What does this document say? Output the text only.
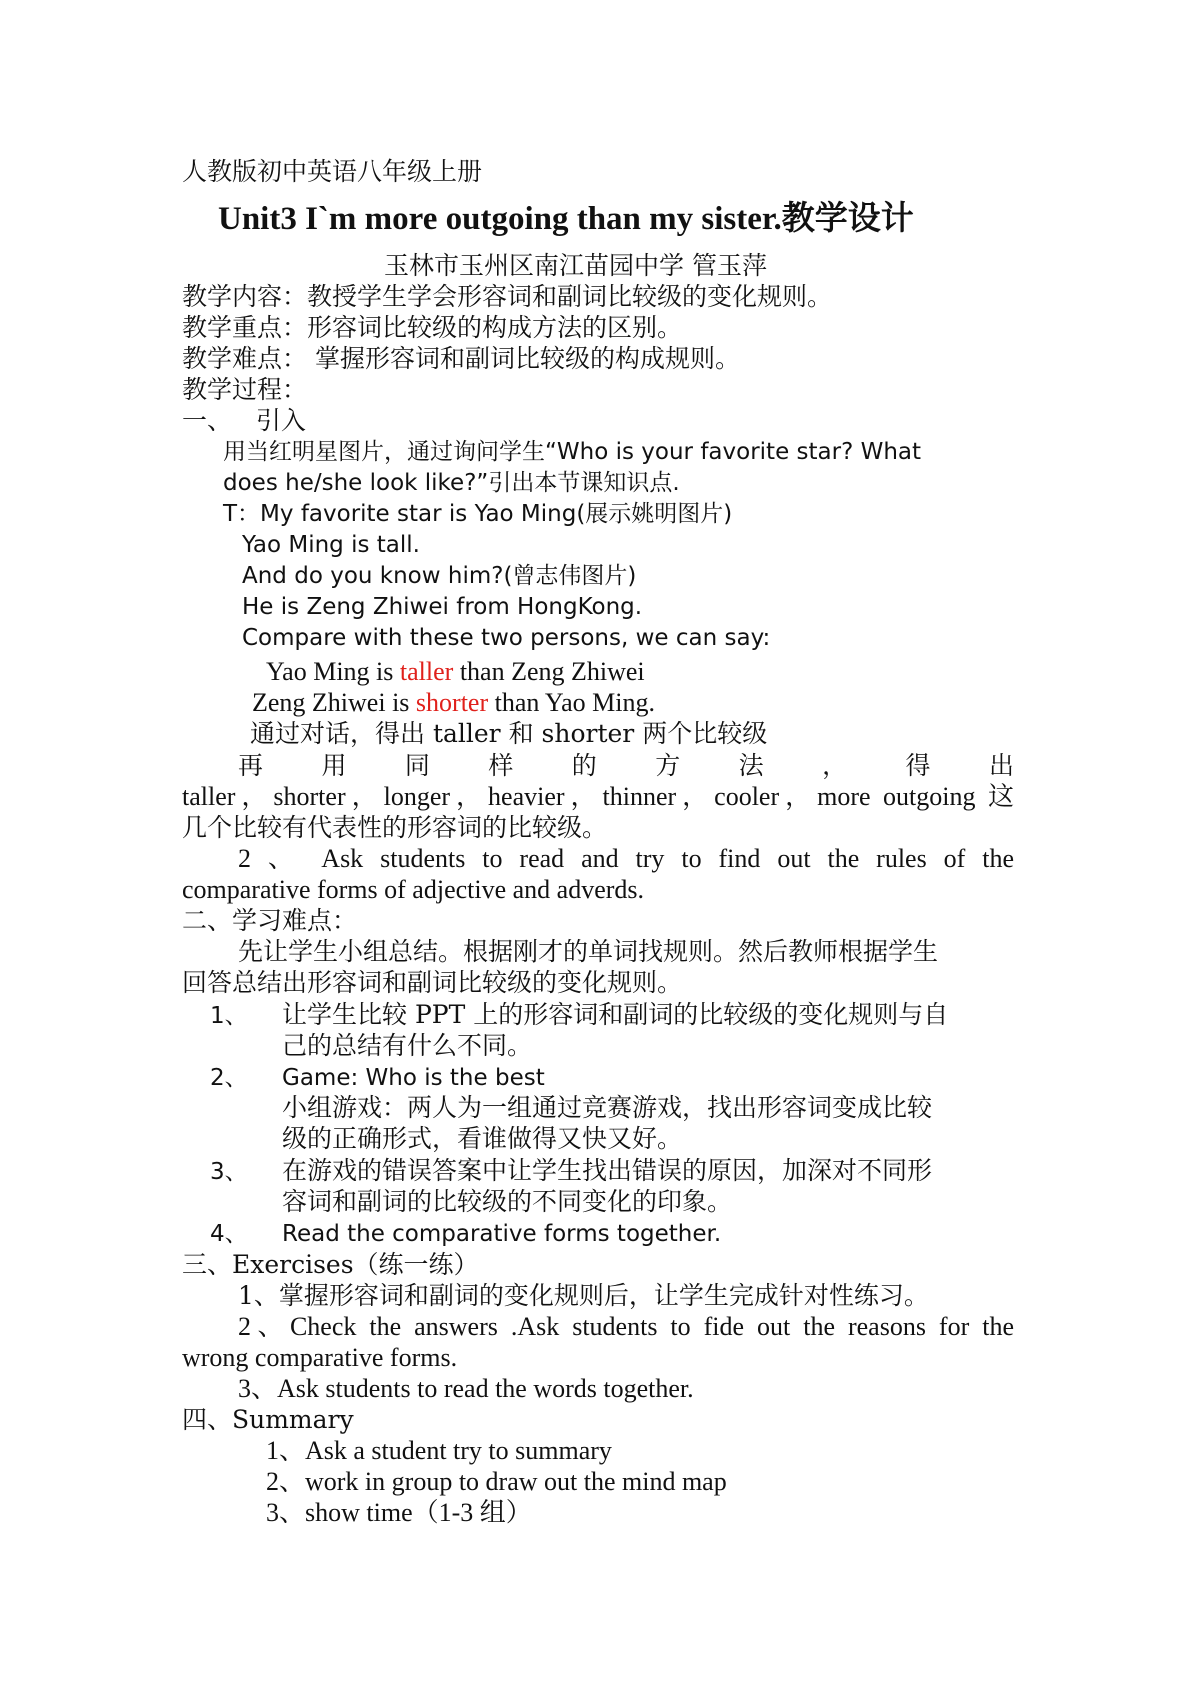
人教版初中英语八年级上册
Unit3 I`m more outgoing than my sister.教学设计
玉林市玉州区南江苗园中学 管玉萍
教学内容：教授学生学会形容词和副词比较级的变化规则。
教学重点：形容词比较级的构成方法的区别。
教学难点： 掌握形容词和副词比较级的构成规则。
教学过程：
一、   引入
用当红明星图片，通过询问学生“Who is your favorite star? What
does he/she look like?”引出本节课知识点.
T：My favorite star is Yao Ming(展示姚明图片)
Yao Ming is tall.
And do you know him?(曾志伟图片)
He is Zeng Zhiwei from HongKong.
Compare with these two persons, we can say:
Yao Ming is taller than Zeng Zhiwei
Zeng Zhiwei is shorter than Yao Ming.
通过对话，得出 taller 和 shorter 两个比较级
再 用 同 样 的 方 法 ， 得 出
taller，shorter，longer，heavier，thinner，cooler，more outgoing 这
几个比较有代表性的形容词的比较级。
2 、 Ask students to read and try to find out the rules of the
comparative forms of adjective and adverds.
二、学习难点：
先让学生小组总结。根据刚才的单词找规则。然后教师根据学生
回答总结出形容词和副词比较级的变化规则。
1、 让学生比较 PPT 上的形容词和副词的比较级的变化规则与自
己的总结有什么不同。
2、 Game: Who is the best
小组游戏：两人为一组通过竞赛游戏，找出形容词变成比较
级的正确形式，看谁做得又快又好。
3、 在游戏的错误答案中让学生找出错误的原因，加深对不同形
容词和副词的比较级的不同变化的印象。
4、 Read the comparative forms together.
三、Exercises（练一练）
1、掌握形容词和副词的变化规则后，让学生完成针对性练习。
2、Check the answers .Ask students to fide out the reasons for the
wrong comparative forms.
3、Ask students to read the words together.
四、Summary
1、Ask a student try to summary
2、work in group to draw out the mind map
3、show time（1-3 组）
